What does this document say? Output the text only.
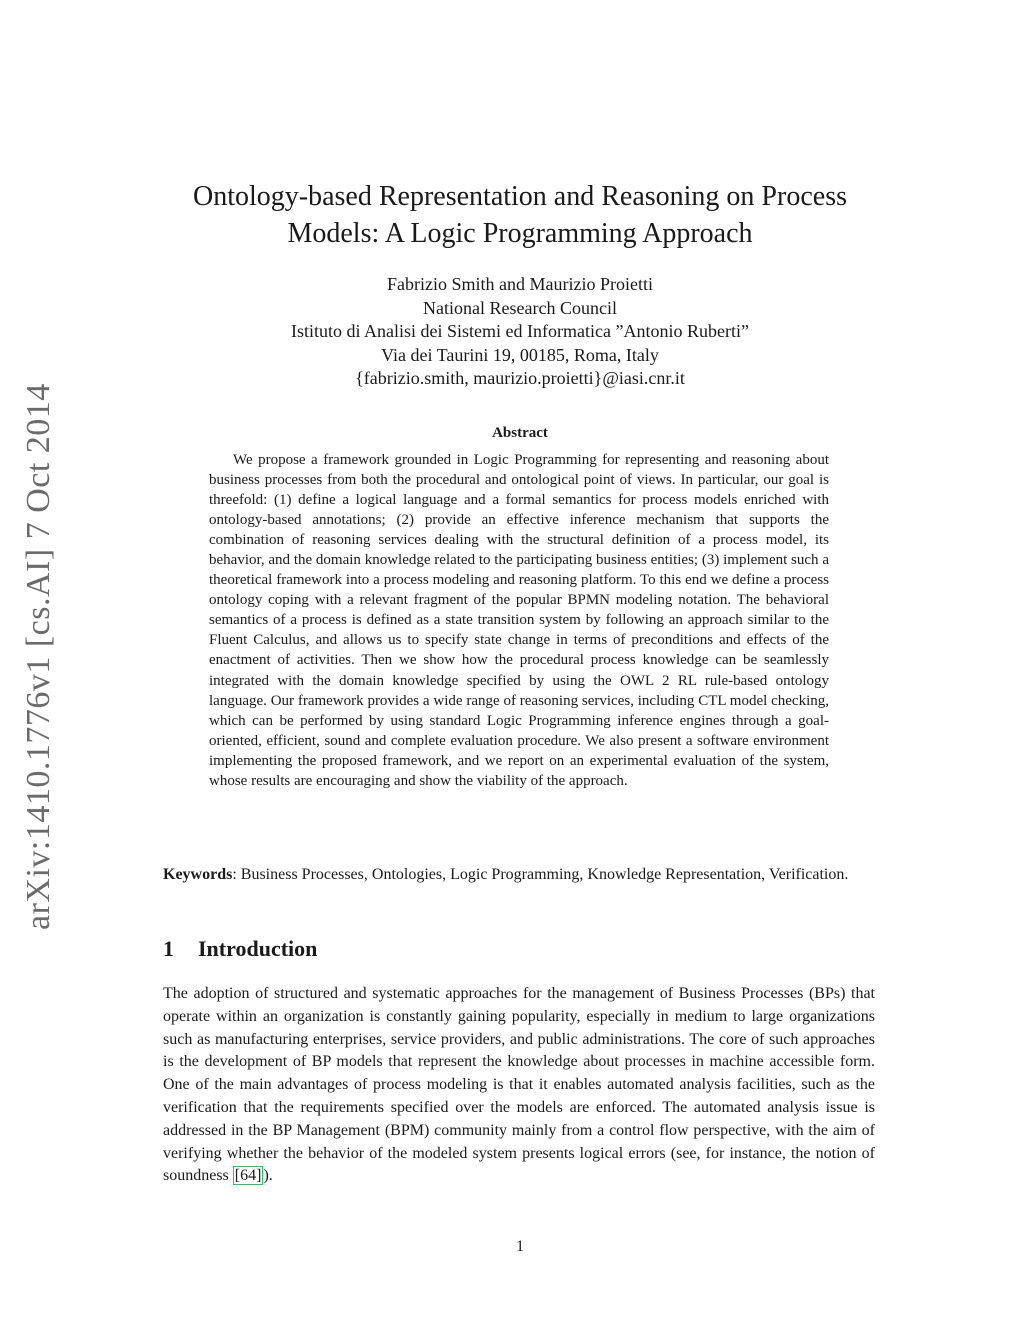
arXiv:1410.1776v1 [cs.AI] 7 Oct 2014
Ontology-based Representation and Reasoning on Process
Models: A Logic Programming Approach
Fabrizio Smith and Maurizio Proietti
National Research Council
Istituto di Analisi dei Sistemi ed Informatica ”Antonio Ruberti”
Via dei Taurini 19, 00185, Roma, Italy
{fabrizio.smith, maurizio.proietti}@iasi.cnr.it
Abstract

We propose a framework grounded in Logic Programming for representing and reasoning about business processes from both the procedural and ontological point of views. In particular, our goal is threefold: (1) define a logical language and a formal semantics for process models enriched with ontology-based annotations; (2) provide an effective inference mechanism that supports the combination of reasoning services dealing with the structural definition of a process model, its behavior, and the domain knowledge related to the participating business entities; (3) implement such a theoretical framework into a process modeling and reasoning platform. To this end we define a process ontology coping with a relevant fragment of the popular BPMN modeling notation. The behavioral semantics of a process is defined as a state transition system by following an approach similar to the Fluent Calculus, and allows us to specify state change in terms of preconditions and effects of the enactment of activities. Then we show how the procedural process knowledge can be seamlessly integrated with the domain knowledge specified by using the OWL 2 RL rule-based ontology language. Our framework provides a wide range of reasoning services, including CTL model checking, which can be performed by using standard Logic Programming inference engines through a goal-oriented, efficient, sound and complete evaluation procedure. We also present a software environment implementing the proposed framework, and we report on an experimental evaluation of the system, whose results are encouraging and show the viability of the approach.

Keywords: Business Processes, Ontologies, Logic Programming, Knowledge Representation, Verification.

1 Introduction

The adoption of structured and systematic approaches for the management of Business Processes (BPs) that operate within an organization is constantly gaining popularity, especially in medium to large organizations such as manufacturing enterprises, service providers, and public administrations. The core of such approaches is the development of BP models that represent the knowledge about processes in machine accessible form. One of the main advantages of process modeling is that it enables automated analysis facilities, such as the verification that the requirements specified over the models are enforced. The automated analysis issue is addressed in the BP Management (BPM) community mainly from a control flow perspective, with the aim of verifying whether the behavior of the modeled system presents logical errors (see, for instance, the notion of soundness [64] ).

1
